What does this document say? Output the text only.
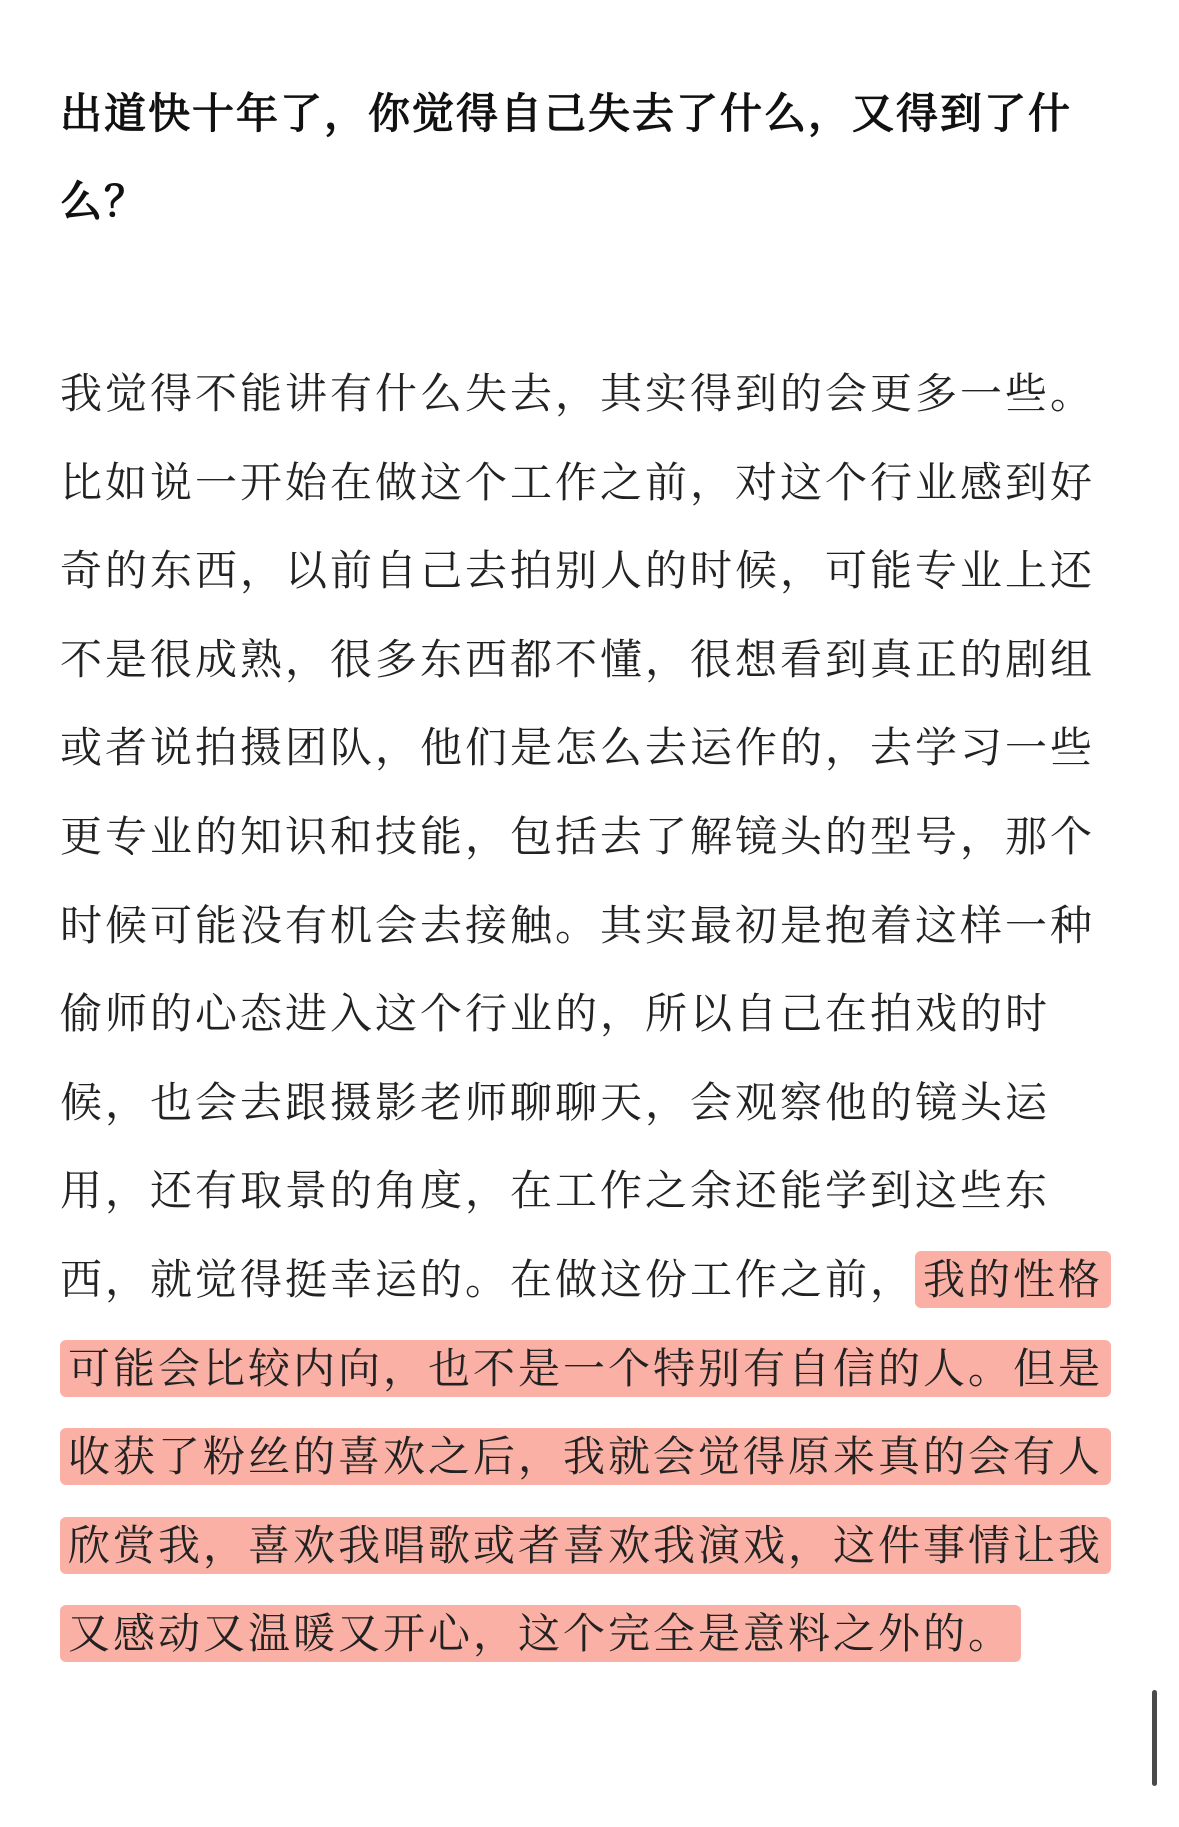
出道快十年了，你觉得自己失去了什么，又得到了什么？

我觉得不能讲有什么失去，其实得到的会更多一些。比如说一开始在做这个工作之前，对这个行业感到好奇的东西，以前自己去拍别人的时候，可能专业上还不是很成熟，很多东西都不懂，很想看到真正的剧组或者说拍摄团队，他们是怎么去运作的，去学习一些更专业的知识和技能，包括去了解镜头的型号，那个时候可能没有机会去接触。其实最初是抱着这样一种偷师的心态进入这个行业的，所以自己在拍戏的时候，也会去跟摄影老师聊聊天，会观察他的镜头运用，还有取景的角度，在工作之余还能学到这些东西，就觉得挺幸运的。在做这份工作之前， 我的性格可能会比较内向，也不是一个特别有自信的人。但是收获了粉丝的喜欢之后，我就会觉得原来真的会有人欣赏我，喜欢我唱歌或者喜欢我演戏，这件事情让我又感动又温暖又开心，这个完全是意料之外的。
